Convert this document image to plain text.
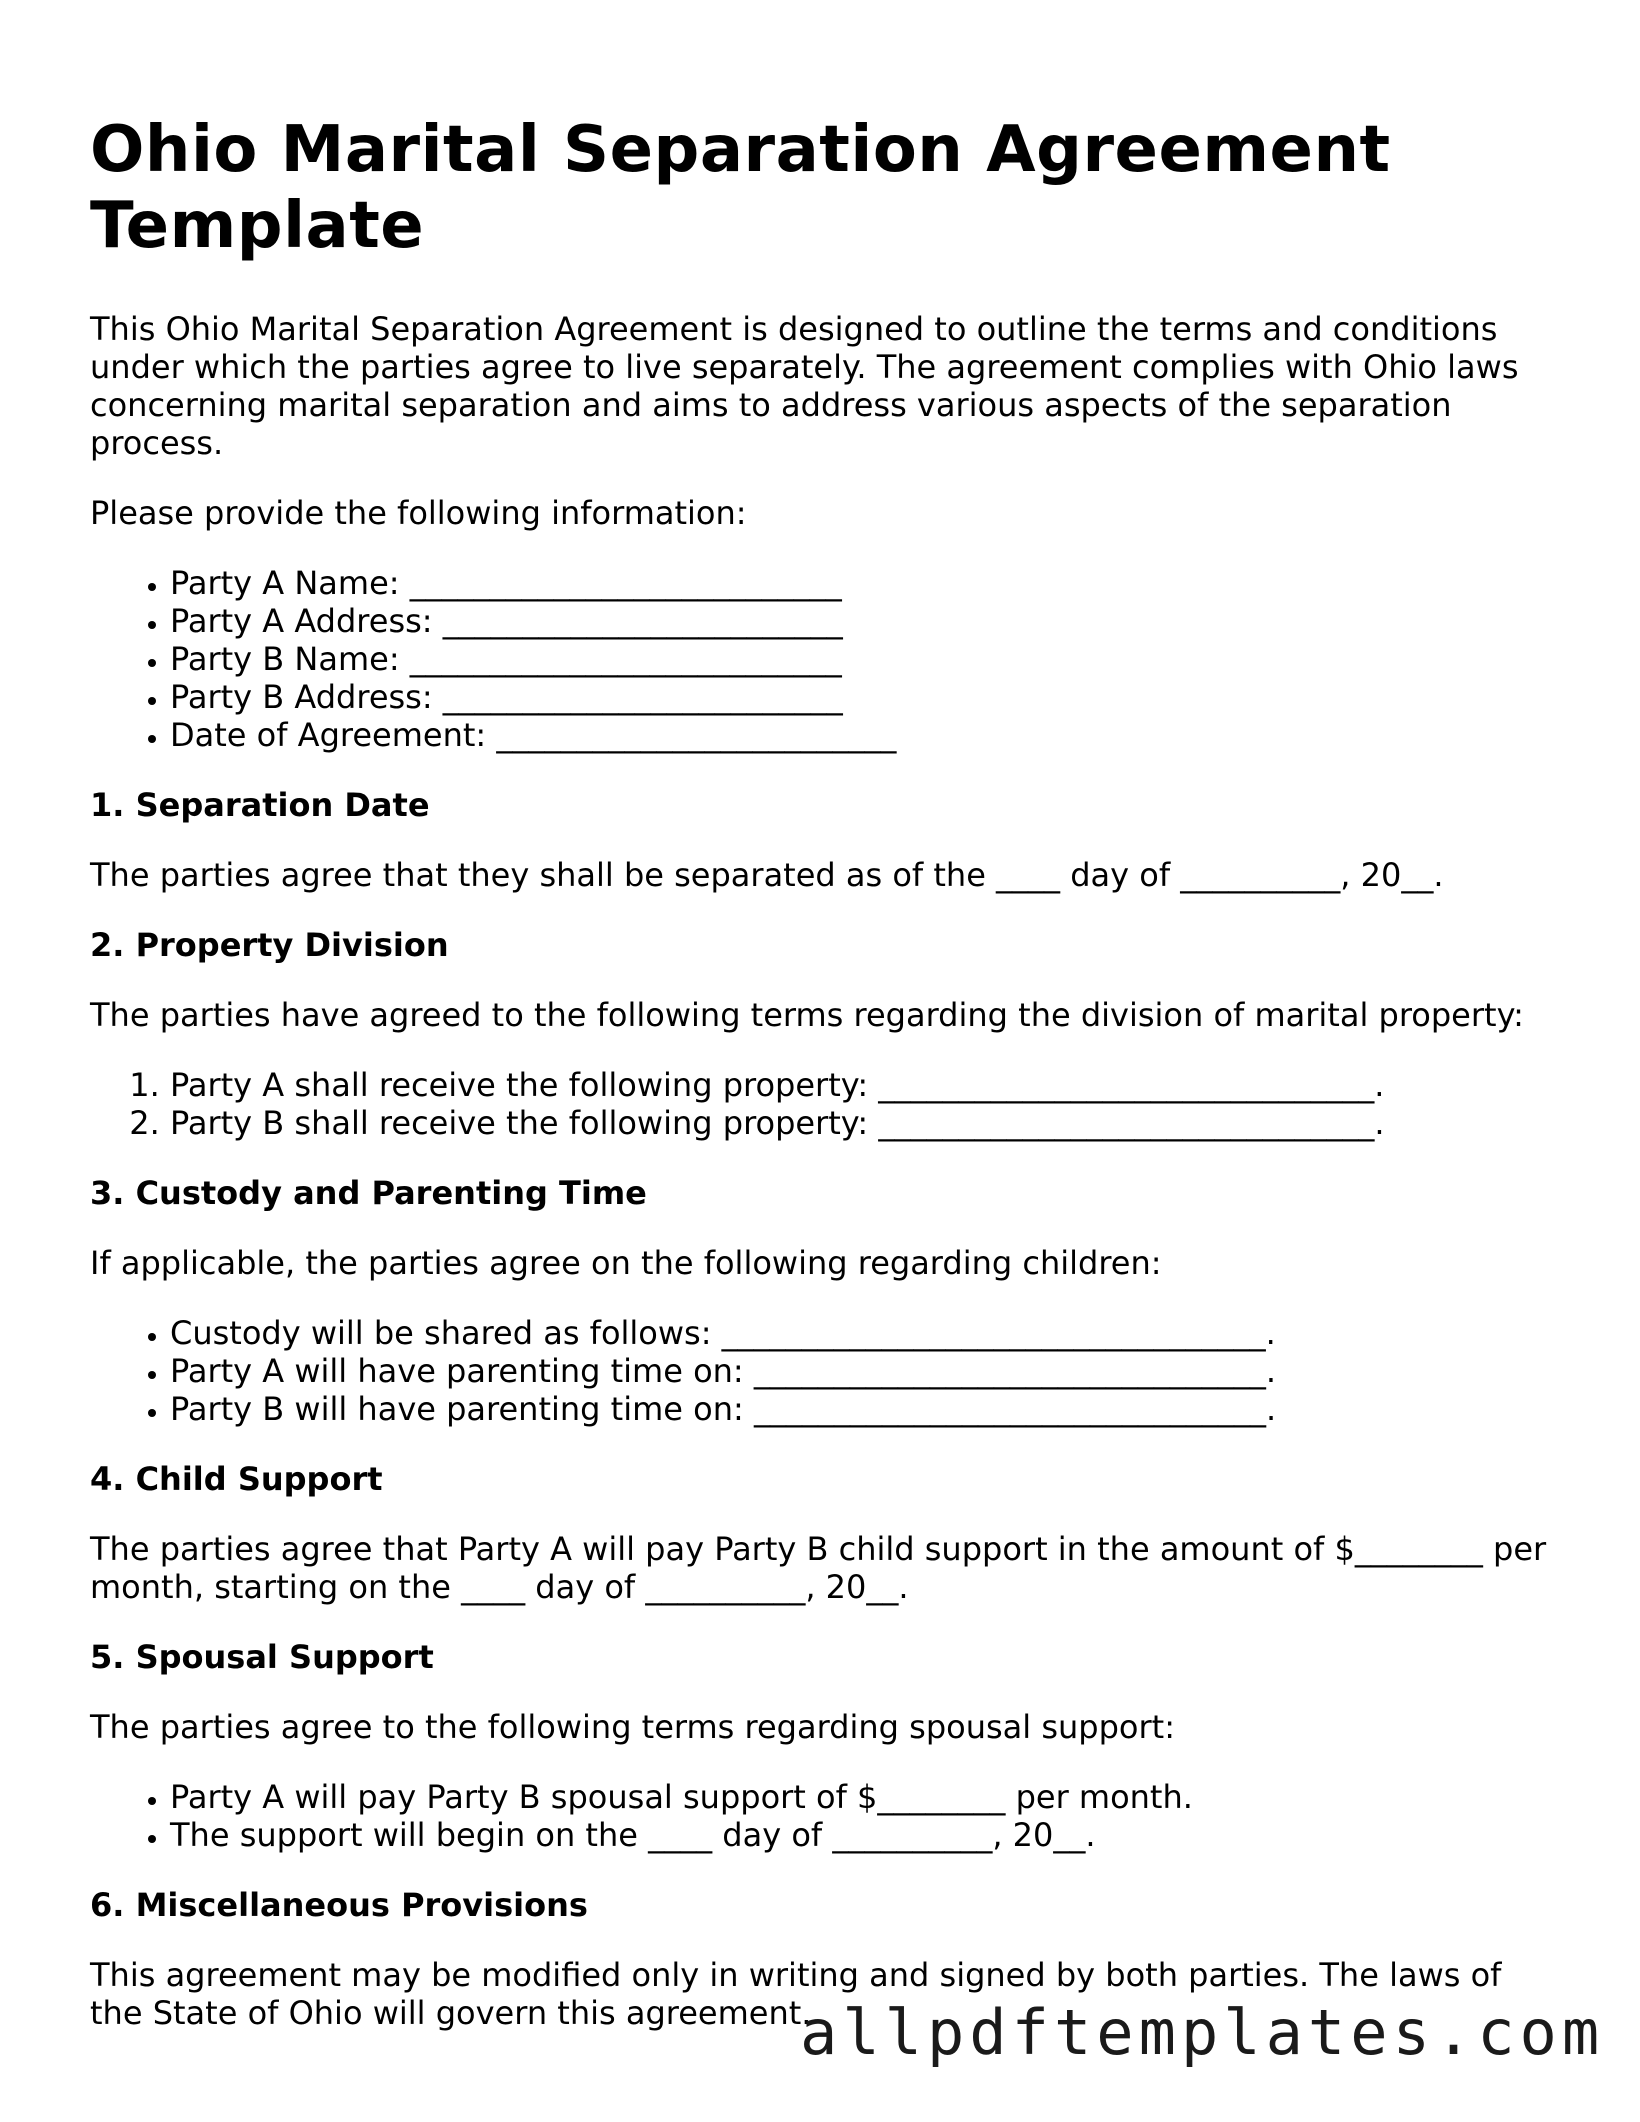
Ohio Marital Separation Agreement Template

This Ohio Marital Separation Agreement is designed to outline the terms and conditions under which the parties agree to live separately. The agreement complies with Ohio laws concerning marital separation and aims to address various aspects of the separation process.

Please provide the following information:

• Party A Name: ___________________________
• Party A Address: _________________________
• Party B Name: ___________________________
• Party B Address: _________________________
• Date of Agreement: _________________________
1. Separation Date

The parties agree that they shall be separated as of the ____ day of __________, 20__.

2. Property Division

The parties have agreed to the following terms regarding the division of marital property:

1. Party A shall receive the following property: _______________________________.
2. Party B shall receive the following property: _______________________________.
3. Custody and Parenting Time

If applicable, the parties agree on the following regarding children:

• Custody will be shared as follows: __________________________________.
• Party A will have parenting time on: ________________________________.
• Party B will have parenting time on: ________________________________.
4. Child Support

The parties agree that Party A will pay Party B child support in the amount of $________ per month, starting on the ____ day of __________, 20__.

5. Spousal Support

The parties agree to the following terms regarding spousal support:

• Party A will pay Party B spousal support of $________ per month.
• The support will begin on the ____ day of __________, 20__.
6. Miscellaneous Provisions

This agreement may be modified only in writing and signed by both parties. The laws of the State of Ohio will govern this agreement.

allpdftemplates.com
